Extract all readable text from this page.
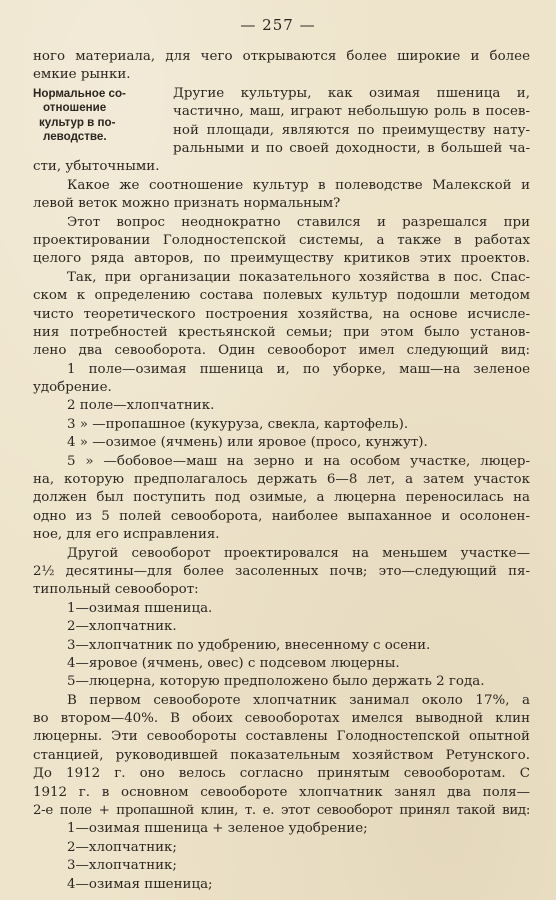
— 257 —
ного материала, для чего открываются более широкие и более
емкие рынки.
Нормальное со-
отношение
культур в по-
леводстве.
Другие культуры, как озимая пшеница и,
частично, маш, играют небольшую роль в посев-
ной площади, являются по преимуществу нату-
ральными и по своей доходности, в большей ча-
сти, убыточными.
Какое же соотношение культур в полеводстве Малекской и
левой веток можно признать нормальным?
Этот вопрос неоднократно ставился и разрешался при
проектировании Голодностепской системы, а также в работах
целого ряда авторов, по преимуществу критиков этих проектов.
Так, при организации показательного хозяйства в пос. Спас-
ском к определению состава полевых культур подошли методом
чисто теоретического построения хозяйства, на основе исчисле-
ния потребностей крестьянской семьи; при этом было установ-
лено два севооборота. Один севооборот имел следующий вид:
1 поле—озимая пшеница и, по уборке, маш—на зеленое
удобрение.
2 поле—хлопчатник.
3 » —пропашное (кукуруза, свекла, картофель).
4 » —озимое (ячмень) или яровое (просо, кунжут).
5 » —бобовое—маш на зерно и на особом участке, люцер-
на, которую предполагалось держать 6—8 лет, а затем участок
должен был поступить под озимые, а люцерна переносилась на
одно из 5 полей севооборота, наиболее выпаханное и осолонен-
ное, для его исправления.
Другой севооборот проектировался на меньшем участке—
2½ десятины—для более засоленных почв; это—следующий пя-
типольный севооборот:
1—озимая пшеница.
2—хлопчатник.
3—хлопчатник по удобрению, внесенному с осени.
4—яровое (ячмень, овес) с подсевом люцерны.
5—люцерна, которую предположено было держать 2 года.
В первом севообороте хлопчатник занимал около 17%, а
во втором—40%. В обоих севооборотах имелся выводной клин
люцерны. Эти севообороты составлены Голодностепской опытной
станцией, руководившей показательным хозяйством Ретунского.
До 1912 г. оно велось согласно принятым севооборотам. С
1912 г. в основном севообороте хлопчатник занял два поля—
2-е поле + пропашной клин, т. е. этот севооборот принял такой вид:
1—озимая пшеница + зеленое удобрение;
2—хлопчатник;
3—хлопчатник;
4—озимая пшеница;
